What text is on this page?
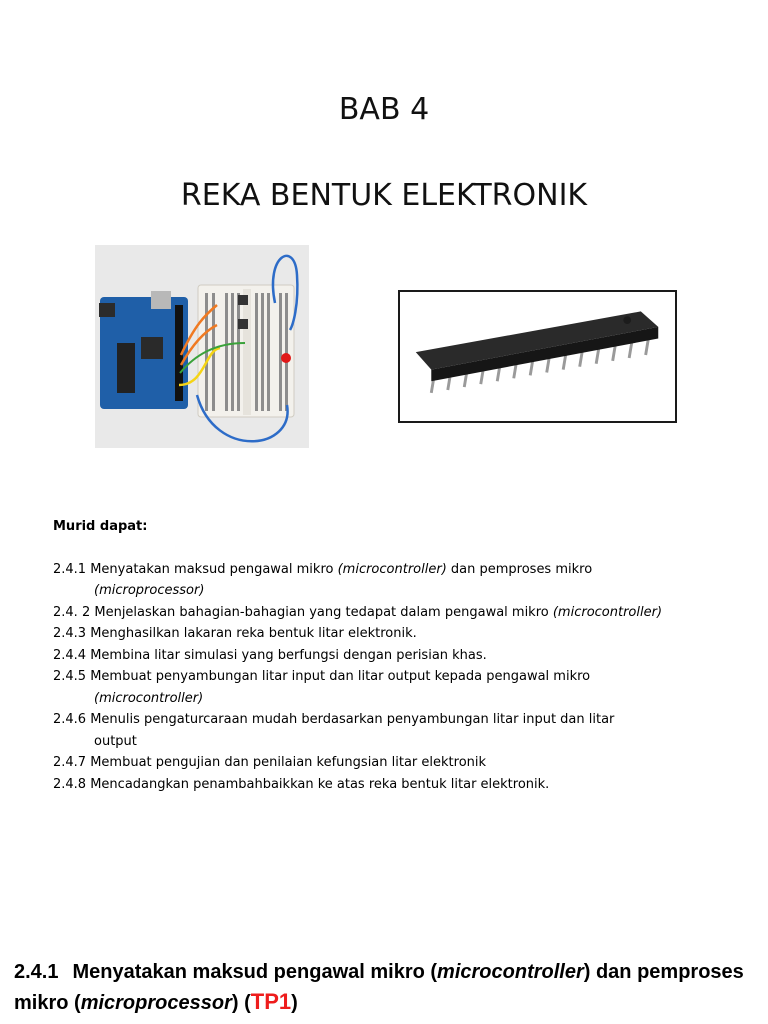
BAB 4
REKA BENTUK ELEKTRONIK
Murid dapat:

2.4.1 Menyatakan maksud pengawal mikro (microcontroller) dan pemproses mikro
(microprocessor)

2.4. 2 Menjelaskan bahagian-bahagian yang tedapat dalam pengawal mikro (microcontroller)

2.4.3 Menghasilkan lakaran reka bentuk litar elektronik.

2.4.4 Membina litar simulasi yang berfungsi dengan perisian khas.

2.4.5 Membuat penyambungan litar input dan litar output kepada pengawal mikro
(microcontroller)

2.4.6 Menulis pengaturcaraan mudah berdasarkan penyambungan litar input dan litar
output

2.4.7 Membuat pengujian dan penilaian kefungsian litar elektronik

2.4.8 Mencadangkan penambahbaikkan ke atas reka bentuk litar elektronik.

2.4.1 Menyatakan maksud pengawal mikro (microcontroller) dan pemproses mikro (microprocessor) (TP1)
